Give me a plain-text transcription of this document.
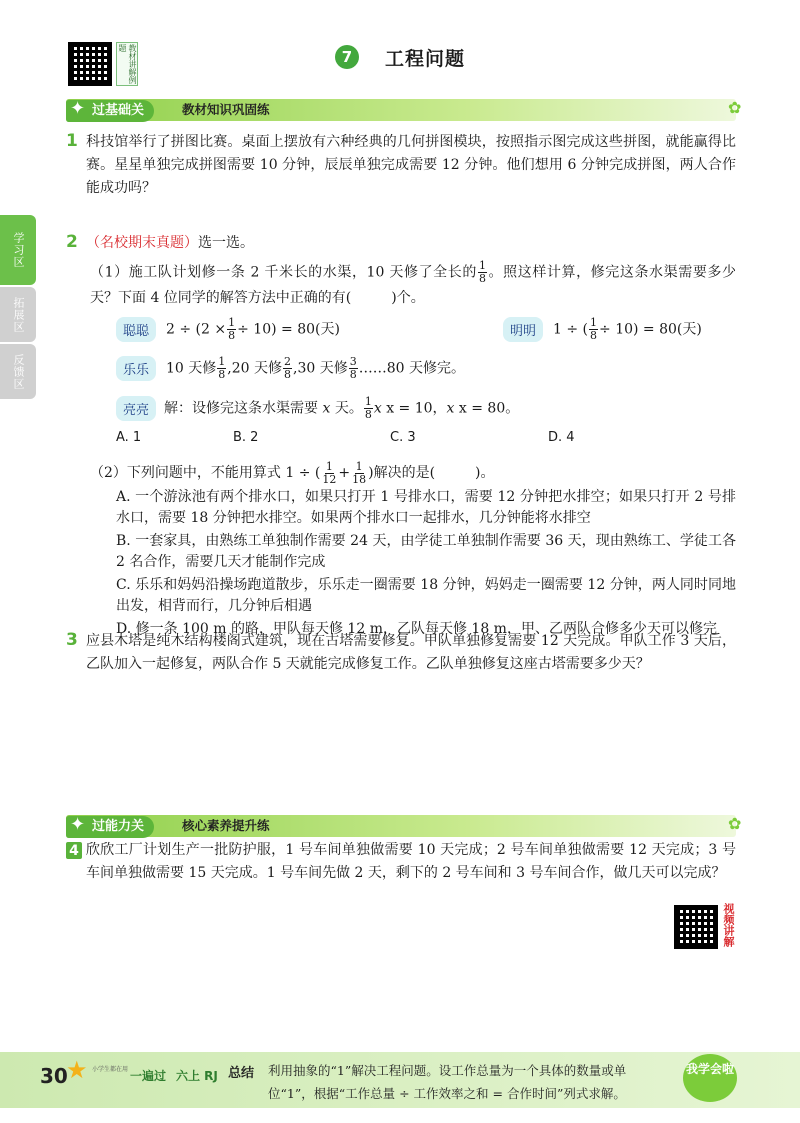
教材讲解例题	7	工程问题
过基础关
✦	教材知识巩固练	✿
学习区
拓展区
反馈区
1 科技馆举行了拼图比赛。桌面上摆放有六种经典的几何拼图模块，按照指示图完成这些拼图，就能赢得比赛。星星单独完成拼图需要 10 分钟，辰辰单独完成需要 12 分钟。他们想用 6 分钟完成拼图，两人合作能成功吗？
2 （名校期末真题）选一选。
（1）施工队计划修一条 2 千米长的水渠，10 天修了全长的 $\frac{1}{8}$ 。照这样计算，修完这条水渠需要多少天？下面 4 位同学的解答方法中正确的有(	)个。
聪聪	$2 \div (2 \times \frac{1}{8} \div 10) = 80$(天)	明明	1 ÷ ( $\frac{1}{8} \div 10) = 80$(天)
乐乐	10 天修 $\frac{1}{8} ,20$ 天修 $\frac{2}{8} ,30$ 天修 $\frac{3}{8}$ ……80 天修完。
亮亮	解：设修完这条水渠需要 x 天。 $\frac{1}{8}$ x x = 10，x x = 80。
A. 1	B. 2	C. 3	D. 4
（2）下列问题中，不能用算式 1 ÷ ( $\frac{1}{12} + \frac{1}{18}$ )解决的是(	)。
A. 一个游泳池有两个排水口，如果只打开 1 号排水口，需要 12 分钟把水排空；如果只打开 2 号排水口，需要 18 分钟把水排空。如果两个排水口一起排水，几分钟能将水排空
B. 一套家具，由熟练工单独制作需要 24 天，由学徒工单独制作需要 36 天，现由熟练工、学徒工各 2 名合作，需要几天才能制作完成
C. 乐乐和妈妈沿操场跑道散步，乐乐走一圈需要 18 分钟，妈妈走一圈需要 12 分钟，两人同时同地出发，相背而行，几分钟后相遇
D. 修一条 100 m 的路，甲队每天修 12 m，乙队每天修 18 m，甲、乙两队合修多少天可以修完
3 应县木塔是纯木结构楼阁式建筑，现在古塔需要修复。甲队单独修复需要 12 天完成。甲队工作 3 天后，乙队加入一起修复，两队合作 5 天就能完成修复工作。乙队单独修复这座古塔需要多少天？
过能力关
✦	核心素养提升练	✿
4 欣欣工厂计划生产一批防护服，1 号车间单独做需要 10 天完成；2 号车间单独做需要 12 天完成；3 号车间单独做需要 15 天完成。1 号车间先做 2 天，剩下的 2 号车间和 3 号车间合作，做几天可以完成？
视频讲解
30
★ 小学生都在用 一遍过 六上 RJ 总结 利用抽象的“1”解决工程问题。设工作总量为一个具体的数量或单位“1”，根据“工作总量 ÷ 工作效率之和 = 合作时间”列式求解。
我学会啦
